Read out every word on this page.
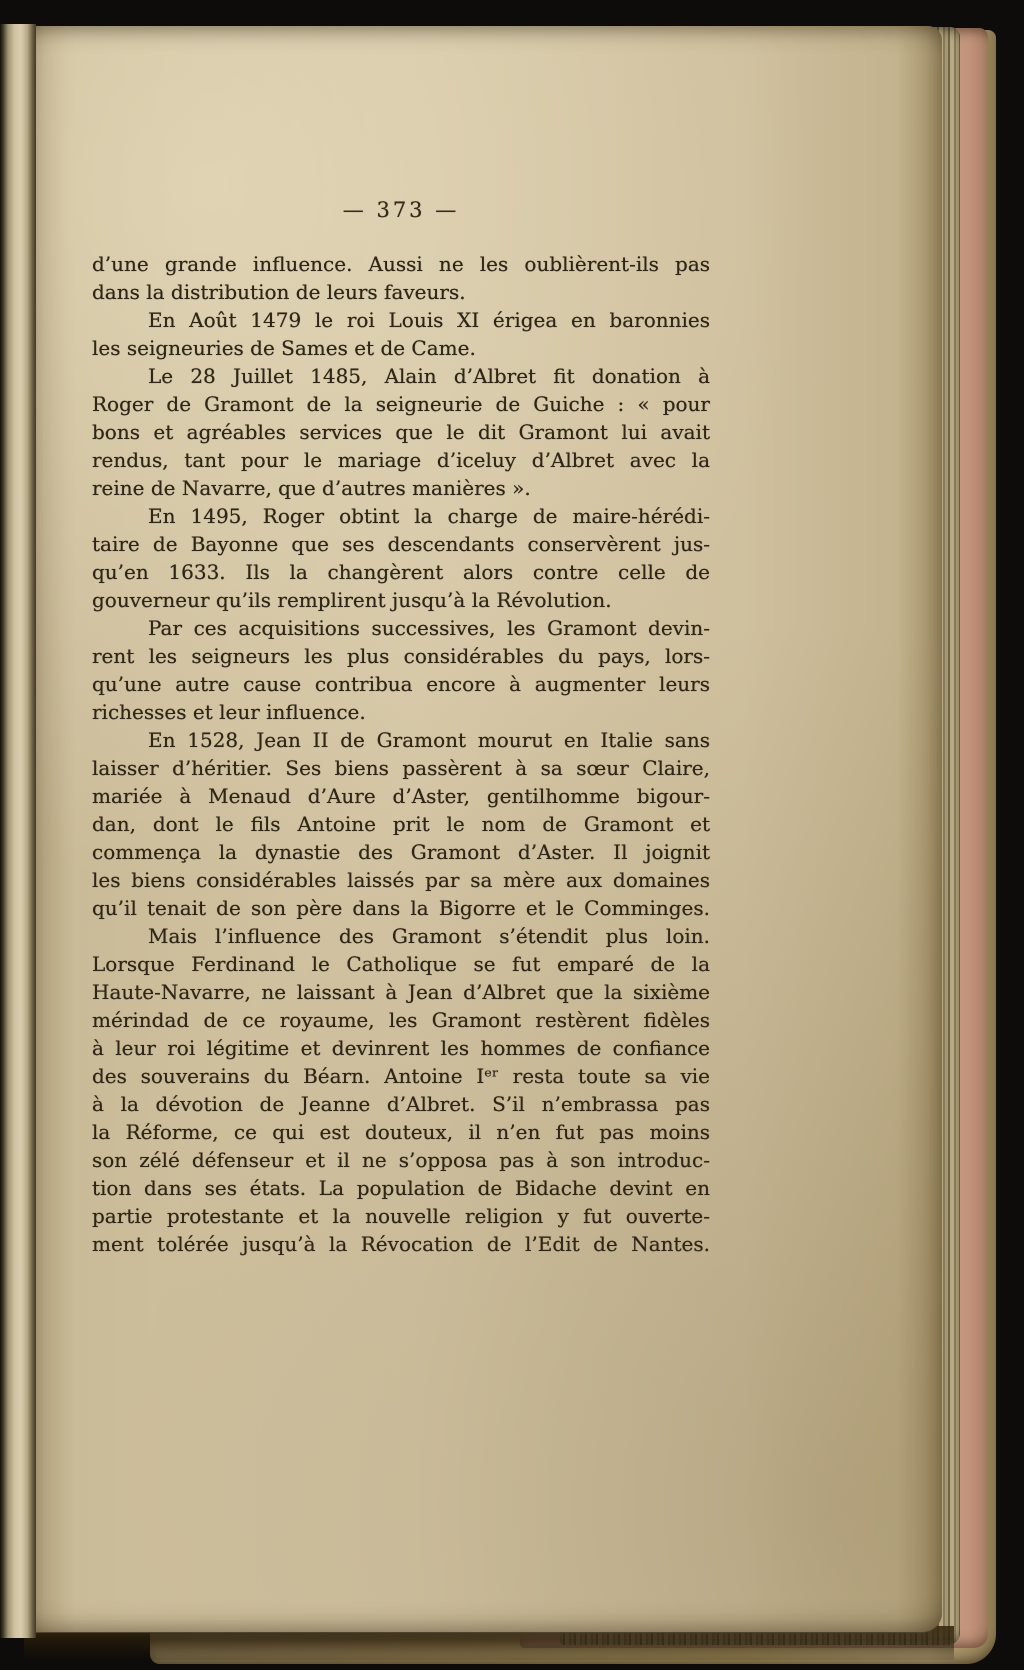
— 373 —
d’une grande influence. Aussi ne les oublièrent-ils pas
dans la distribution de leurs faveurs.
En Août 1479 le roi Louis XI érigea en baronnies
les seigneuries de Sames et de Came.
Le 28 Juillet 1485, Alain d’Albret fit donation à
Roger de Gramont de la seigneurie de Guiche : « pour
bons et agréables services que le dit Gramont lui avait
rendus, tant pour le mariage d’iceluy d’Albret avec la
reine de Navarre, que d’autres manières ».
En 1495, Roger obtint la charge de maire-hérédi-
taire de Bayonne que ses descendants conservèrent jus-
qu’en 1633. Ils la changèrent alors contre celle de
gouverneur qu’ils remplirent jusqu’à la Révolution.
Par ces acquisitions successives, les Gramont devin-
rent les seigneurs les plus considérables du pays, lors-
qu’une autre cause contribua encore à augmenter leurs
richesses et leur influence.
En 1528, Jean II de Gramont mourut en Italie sans
laisser d’héritier. Ses biens passèrent à sa sœur Claire,
mariée à Menaud d’Aure d’Aster, gentilhomme bigour-
dan, dont le fils Antoine prit le nom de Gramont et
commença la dynastie des Gramont d’Aster. Il joignit
les biens considérables laissés par sa mère aux domaines
qu’il tenait de son père dans la Bigorre et le Comminges.
Mais l’influence des Gramont s’étendit plus loin.
Lorsque Ferdinand le Catholique se fut emparé de la
Haute-Navarre, ne laissant à Jean d’Albret que la sixième
mérindad de ce royaume, les Gramont restèrent fidèles
à leur roi légitime et devinrent les hommes de confiance
des souverains du Béarn. Antoine Iᵉʳ resta toute sa vie
à la dévotion de Jeanne d’Albret. S’il n’embrassa pas
la Réforme, ce qui est douteux, il n’en fut pas moins
son zélé défenseur et il ne s’opposa pas à son introduc-
tion dans ses états. La population de Bidache devint en
partie protestante et la nouvelle religion y fut ouverte-
ment tolérée jusqu’à la Révocation de l’Edit de Nantes.
